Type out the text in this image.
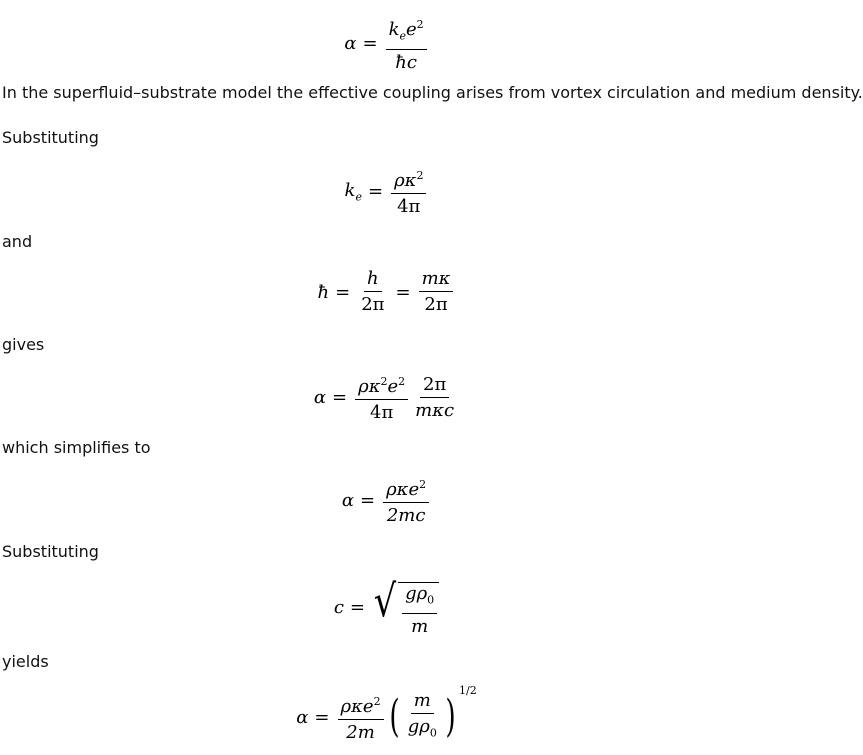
$\alpha = \frac{k_ee^2}{ħc}$
In the superfluid–substrate model the effective coupling arises from vortex circulation and medium density.
Substituting
$k_e = \frac{\rho\kappa^2}{4\pi}$
and
ħ = $\frac{h}{2\pi} = \frac{m\kappa}{2\pi}$
gives
$\alpha = \frac{\rho\kappa^2e^2}{4\pi} \frac{2\pi}{\text{mκc}}$
which simplifies to
$\alpha = \frac{\rho\kappa e^2}{2mc}$
Substituting
c = √ $\frac{g\rho_0}{m}$
yields
$\alpha = \frac{\rho\kappa e^2}{2m}$ ( $\frac{m}{g\rho_0}$ )
1/2
